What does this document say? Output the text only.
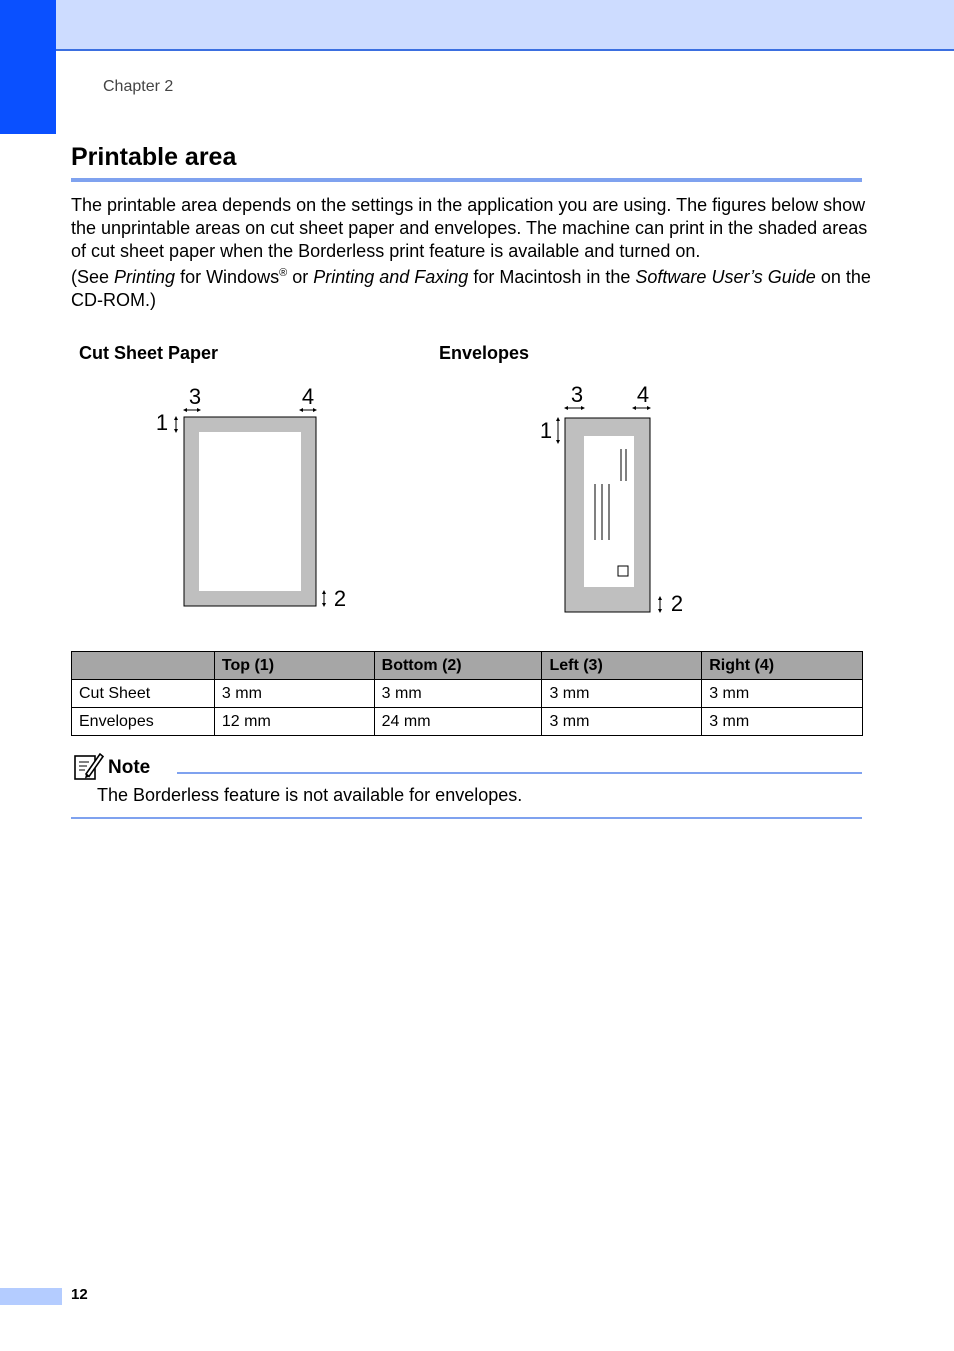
Chapter 2
Printable area

The printable area depends on the settings in the application you are using. The figures below show the unprintable areas on cut sheet paper and envelopes. The machine can print in the shaded areas of cut sheet paper when the Borderless print feature is available and turned on.

(See Printing for Windows® or Printing and Faxing for Macintosh in the Software User’s Guide on the CD-ROM.)

Cut Sheet Paper	Envelopes
3	4
1
2
3 4
1
2
	Top (1)	Bottom (2)	Left (3)	Right (4)
Cut Sheet	3 mm	3 mm	3 mm	3 mm
Envelopes	12 mm	24 mm	3 mm	3 mm
Note
The Borderless feature is not available for envelopes.
12
